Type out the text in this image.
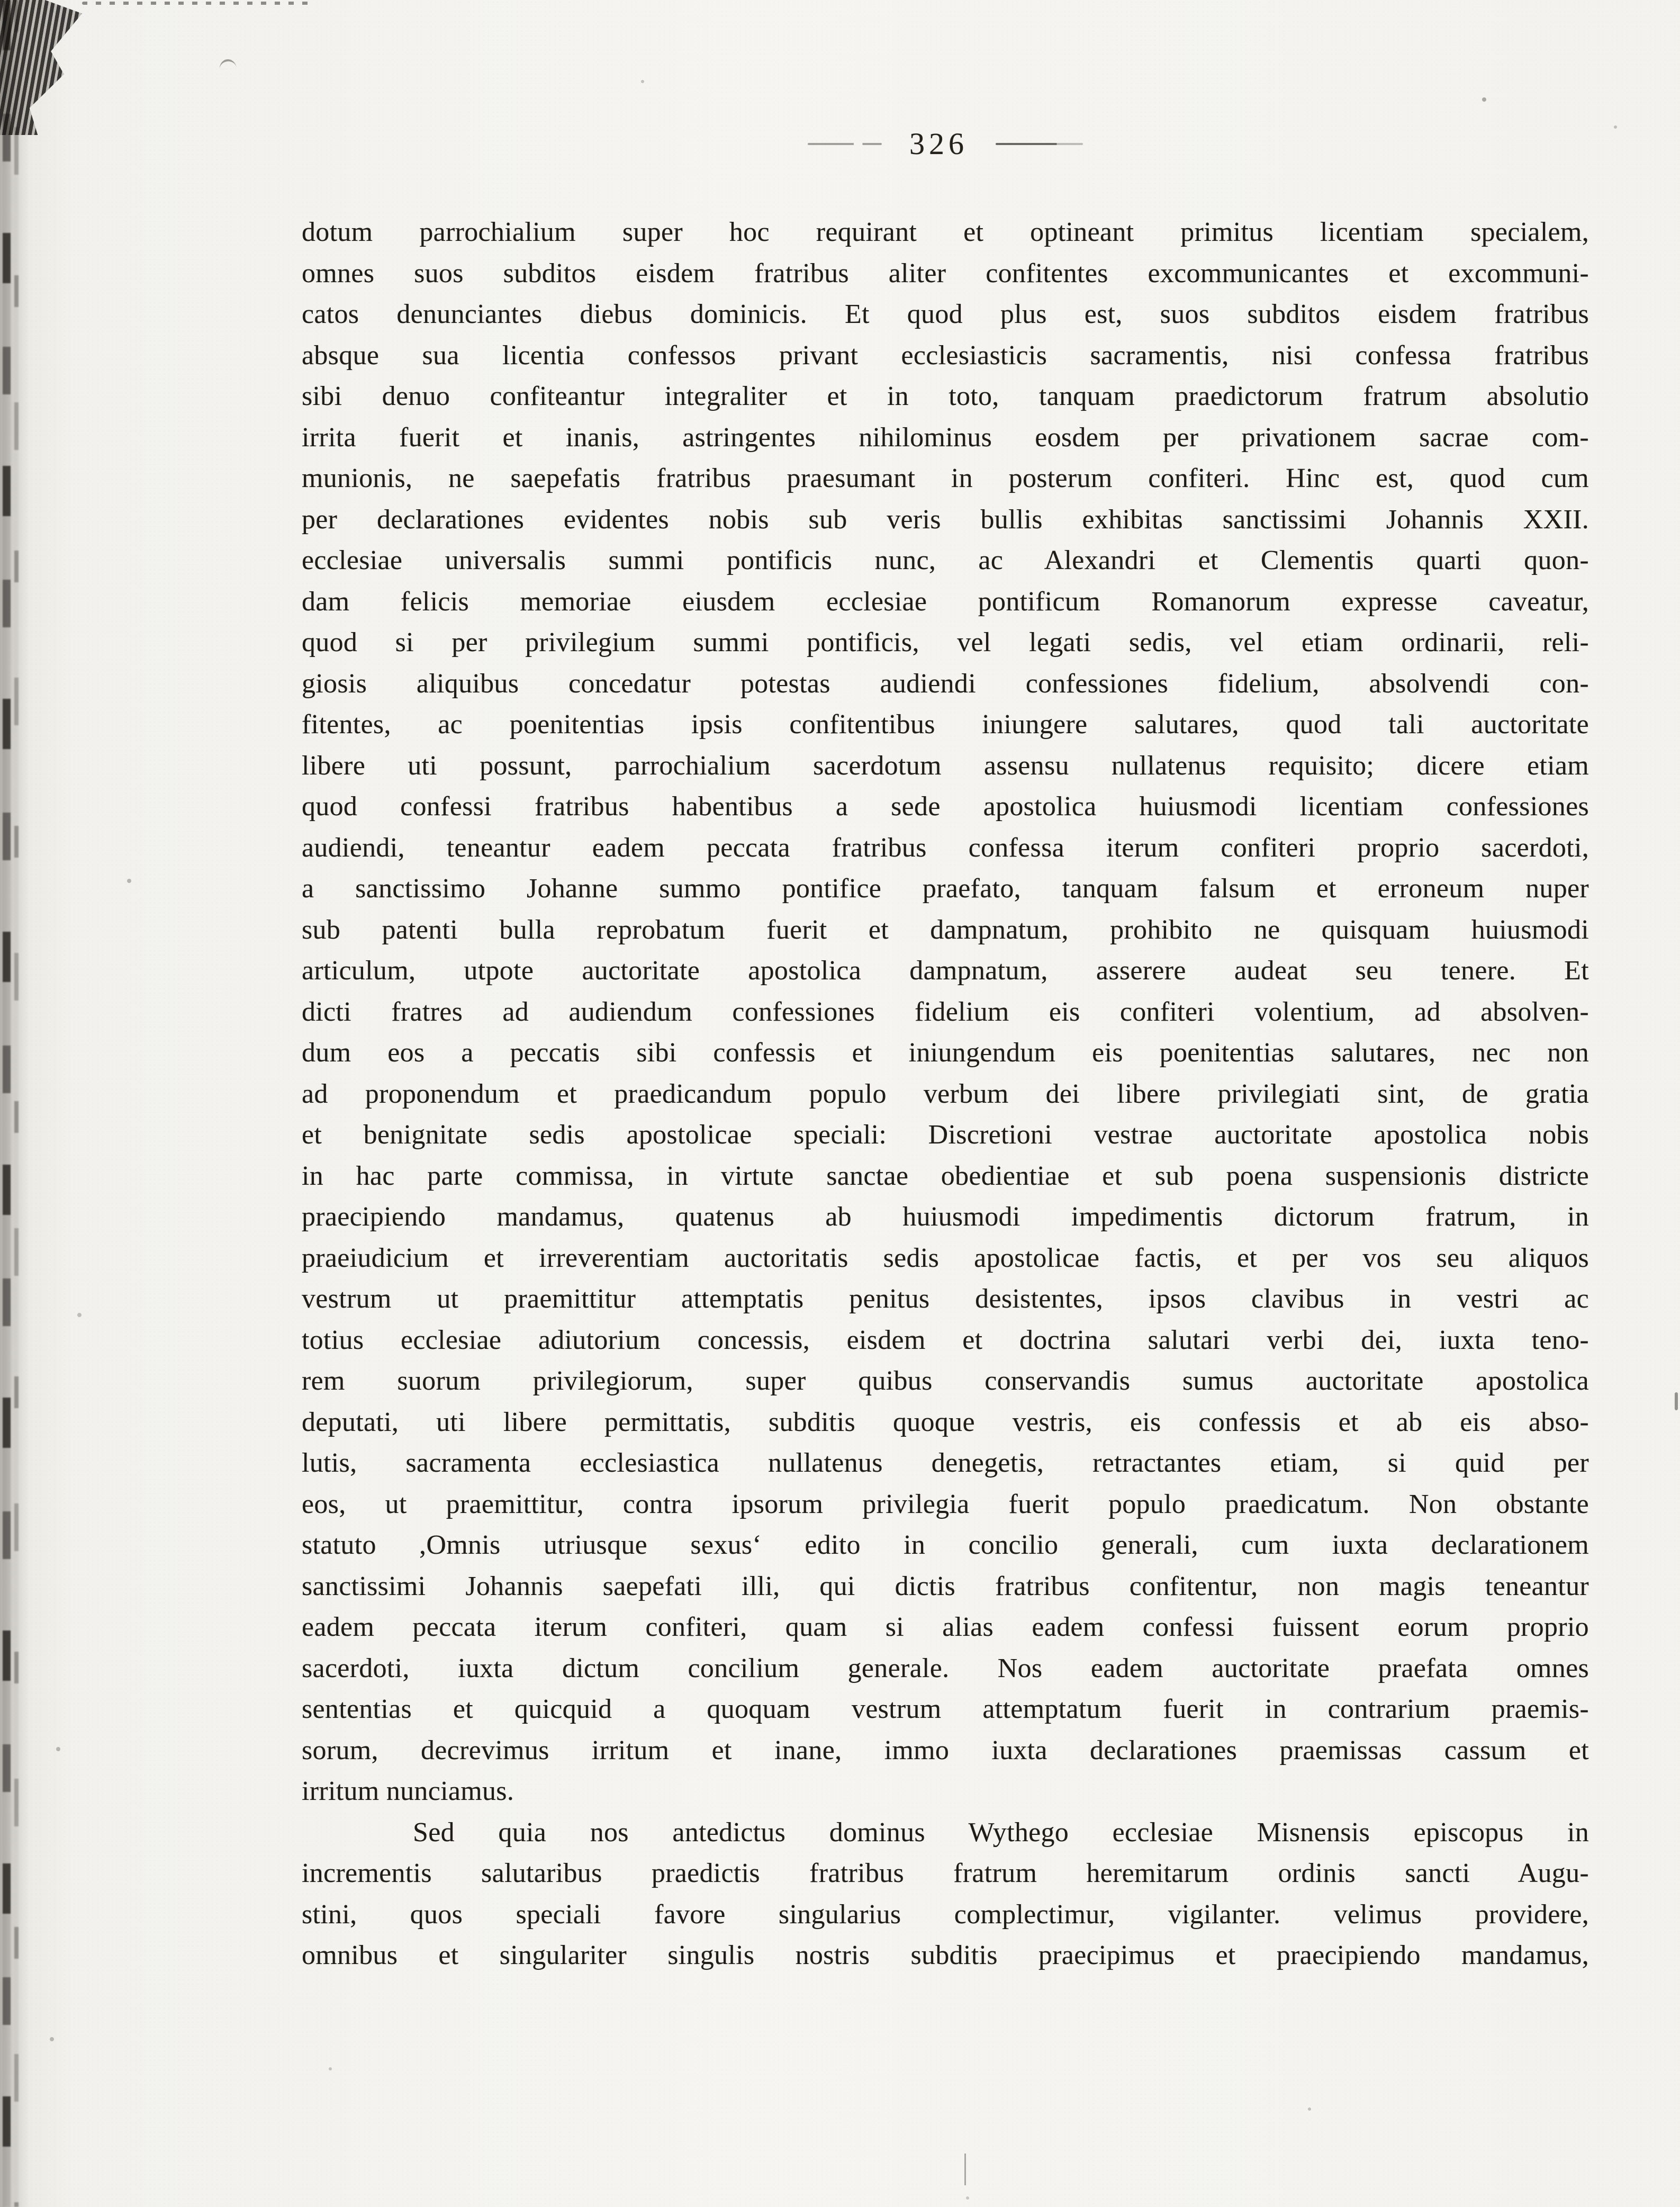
326
dotum parrochialium super hoc requirant et optineant primitus licentiam specialem,
omnes suos subditos eisdem fratribus aliter confitentes excommunicantes et excommuni-
catos denunciantes diebus dominicis. Et quod plus est, suos subditos eisdem fratribus
absque sua licentia confessos privant ecclesiasticis sacramentis, nisi confessa fratribus
sibi denuo confiteantur integraliter et in toto, tanquam praedictorum fratrum absolutio
irrita fuerit et inanis, astringentes nihilominus eosdem per privationem sacrae com-
munionis, ne saepefatis fratribus praesumant in posterum confiteri. Hinc est, quod cum
per declarationes evidentes nobis sub veris bullis exhibitas sanctissimi Johannis XXII.
ecclesiae universalis summi pontificis nunc, ac Alexandri et Clementis quarti quon-
dam felicis memoriae eiusdem ecclesiae pontificum Romanorum expresse caveatur,
quod si per privilegium summi pontificis, vel legati sedis, vel etiam ordinarii, reli-
giosis aliquibus concedatur potestas audiendi confessiones fidelium, absolvendi con-
fitentes, ac poenitentias ipsis confitentibus iniungere salutares, quod tali auctoritate
libere uti possunt, parrochialium sacerdotum assensu nullatenus requisito; dicere etiam
quod confessi fratribus habentibus a sede apostolica huiusmodi licentiam confessiones
audiendi, teneantur eadem peccata fratribus confessa iterum confiteri proprio sacerdoti,
a sanctissimo Johanne summo pontifice praefato, tanquam falsum et erroneum nuper
sub patenti bulla reprobatum fuerit et dampnatum, prohibito ne quisquam huiusmodi
articulum, utpote auctoritate apostolica dampnatum, asserere audeat seu tenere. Et
dicti fratres ad audiendum confessiones fidelium eis confiteri volentium, ad absolven-
dum eos a peccatis sibi confessis et iniungendum eis poenitentias salutares, nec non
ad proponendum et praedicandum populo verbum dei libere privilegiati sint, de gratia
et benignitate sedis apostolicae speciali: Discretioni vestrae auctoritate apostolica nobis
in hac parte commissa, in virtute sanctae obedientiae et sub poena suspensionis districte
praecipiendo mandamus, quatenus ab huiusmodi impedimentis dictorum fratrum, in
praeiudicium et irreverentiam auctoritatis sedis apostolicae factis, et per vos seu aliquos
vestrum ut praemittitur attemptatis penitus desistentes, ipsos clavibus in vestri ac
totius ecclesiae adiutorium concessis, eisdem et doctrina salutari verbi dei, iuxta teno-
rem suorum privilegiorum, super quibus conservandis sumus auctoritate apostolica
deputati, uti libere permittatis, subditis quoque vestris, eis confessis et ab eis abso-
lutis, sacramenta ecclesiastica nullatenus denegetis, retractantes etiam, si quid per
eos, ut praemittitur, contra ipsorum privilegia fuerit populo praedicatum. Non obstante
statuto ,Omnis utriusque sexus‘ edito in concilio generali, cum iuxta declarationem
sanctissimi Johannis saepefati illi, qui dictis fratribus confitentur, non magis teneantur
eadem peccata iterum confiteri, quam si alias eadem confessi fuissent eorum proprio
sacerdoti, iuxta dictum concilium generale. Nos eadem auctoritate praefata omnes
sententias et quicquid a quoquam vestrum attemptatum fuerit in contrarium praemis-
sorum, decrevimus irritum et inane, immo iuxta declarationes praemissas cassum et
irritum nunciamus.
Sed quia nos antedictus dominus Wythego ecclesiae Misnensis episcopus in
incrementis salutaribus praedictis fratribus fratrum heremitarum ordinis sancti Augu-
stini, quos speciali favore singularius complectimur, vigilanter. velimus providere,
omnibus et singulariter singulis nostris subditis praecipimus et praecipiendo mandamus,
